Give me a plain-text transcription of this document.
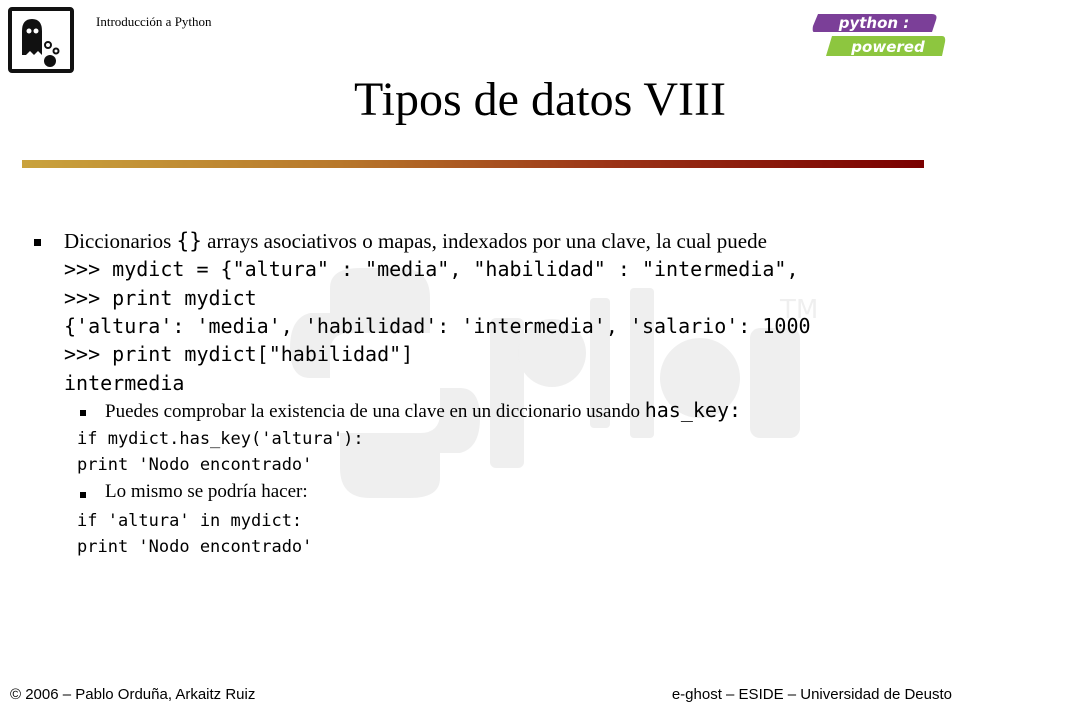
Introducción a Python	python :
powered
Tipos de datos VIII
TM
Diccionarios {} arrays asociativos o mapas, indexados por una clave, la cual puede
>>> mydict = {"altura" : "media", "habilidad" : "intermedia",
>>> print mydict
{'altura': 'media', 'habilidad': 'intermedia', 'salario': 1000
>>> print mydict["habilidad"]
intermedia
Puedes comprobar la existencia de una clave en un diccionario usando has_key:
if mydict.has_key('altura'):
print 'Nodo encontrado'
Lo mismo se podría hacer:
if 'altura' in mydict:
print 'Nodo encontrado'
© 2006 – Pablo Orduña, Arkaitz Ruiz	e-ghost – ESIDE – Universidad de Deusto
